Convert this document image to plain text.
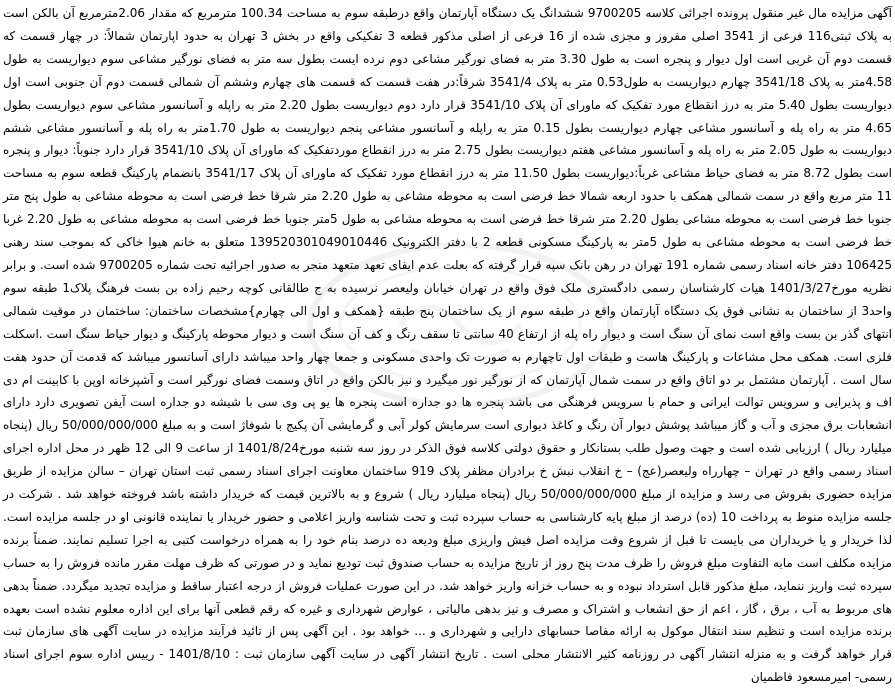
آگهی مزایده مال غیر منقول پرونده اجرائی کلاسه 9700205 ششدانگ یک دستگاه آپارتمان واقع درطبقه سوم به مساحت 100.34 مترمربع که مقدار 2.06مترمربع آن بالکن است به پلاک ثبتی116 فرعی از 3541 اصلی مفروز و مجزی شده از 16 فرعی از اصلی مذکور قطعه 3 تفکیکی واقع در بخش 3 تهران به حدود اپارتمان شمالاً: در چهار قسمت که قسمت دوم آن غربی است اول دیوار و پنجره است به طول 3.30 متر به فضای نورگیر مشاعی دوم نرده ایست بطول سه متر به فضای نورگیر مشاعی سوم دیواریست به طول 4.58متر به پلاک 3541/18 چهارم دیواریست به طول0.53 متر به پلاک 3541/4 شرقاً:در هفت قسمت که قسمت های چهارم وششم آن شمالی قسمت دوم آن جنوبی است اول دیواریست بطول 5.40 متر به درز انقطاع مورد تفکیک که ماورای آن پلاک 3541/10 قرار دارد دوم دیواریست بطول 2.20 متر به راپله و آسانسور مشاعی سوم دیواریست بطول 4.65 متر به راه پله و آسانسور مشاعی چهارم دیواریست بطول 0.15 متر به راپله و آسانسور مشاعی پنجم دیواریست به طول 1.70متر به راه پله و آسانسور مشاعی ششم دیواریست به طول 2.05 متر به راه پله و آسانسور مشاعی هفتم دیواریست بطول 2.75 متر به درز انقطاع موردتفکیک که ماورای آن پلاک 3541/10 قرار دارد جنوباً: دیوار و پنجره است بطول 8.72 متر به فضای حیاط مشاعی غرباً:دیواریست بطول 11.50 متر به درز انقطاع مورد تفکیک که ماورای آن پلاک 3541/17 بانضمام پارکینگ قطعه سوم به مساحت 11 متر مربع واقع در سمت شمالی همکف با حدود اربعه شمالا خط فرضی است به محوطه مشاعی به طول 2.20 متر شرقا خط فرضی است به محوطه مشاعی به طول پنج متر جنوبا خط فرضی است به محوطه مشاعی بطول 2.20 متر شرقا خط فرضی است به محوطه مشاعی به طول 5متر جنوبا خط فرضی است به محوطه مشاعی به طول 2.20 غربا خط فرضی است به محوطه مشاعی به طول 5متر به پارکینگ مسکونی قطعه 2 با دفتر الکترونیک 139520301049010446 متعلق به خانم هیوا خاکی که بموجب سند رهنی 106425 دفتر خانه اسناد رسمی شماره 191 تهران در رهن بانک سپه قرار گرفته که بعلت عدم ایفای تعهد متعهد منجر به صدور اجرائیه تحت شماره 9700205 شده است. و برابر نظریه مورخ1401/3/27 هیات کارشناسان رسمی دادگستری ملک فوق واقع در تهران خیابان ولیعصر نرسیده به ج طالقانی کوچه رحیم زاده بن بست فرهنگ پلاک1 طبقه سوم واحد3 از ساختمان به نشانی فوق یک دستگاه آپارتمان واقع در طبقه سوم از یک ساختمان پنج طبقه {همکف و اول الی چهارم}مشخصات ساختمان: ساختمان در موقیت شمالی انتهای گذر بن بست واقع است نمای آن سنگ است و دیوار راه پله از ارتفاع 40 سانتی تا سقف رنگ و کف آن سنگ است و دیوار محوطه پارکینگ و دیوار حیاط سنگ است .اسکلت فلزی است. همکف محل مشاعات و پارکینگ هاست و طبقات اول تاچهارم به صورت تک واحدی مسکونی و جمعا چهار واحد میباشد دارای آسانسور میباشد که قدمت آن حدود هفت سال است . آپارتمان مشتمل بر دو اتاق واقع در سمت شمال آپارتمان که از نورگیر نور میگیرد و نیز بالکن واقع در اتاق وسمت فضای نورگیر است و آشپزخانه اوپن با کابینت ام دی اف و پذیرایی و سرویس توالت ایرانی و حمام با سرویس فرهنگی می باشد پنجره ها دو جداره است پنجره ها یو پی وی سی با شیشه دو جداره است آیفن تصویری دارد دارای انشعابات برق مجزی و آب و گاز میباشد پوشش دیوار آن رنگ و کاغذ دیواری است سرمایش کولر آبی و گرمایشی آن پکیج با شوفاژ است و به مبلغ 50/000/000/000 ریال (پنجاه میلیارد ریال ) ارزیابی شده است و جهت وصول طلب بستانکار و حقوق دولتی کلاسه فوق الذکر در روز سه شنبه مورخ1401/8/24 از ساعت 9 الی 12 ظهر در محل اداره اجرای اسناد رسمی واقع در تهران – چهارراه ولیعصر(عج) – خ انقلاب نبش خ برادران مظفر پلاک 919 ساختمان معاونت اجرای اسناد رسمی ثبت استان تهران – سالن مزایده از طریق مزایده حضوری بفروش می رسد و مزایده از مبلغ 50/000/000/000 ریال (پنجاه میلیارد ریال ) شروع و به بالاترین قیمت که خریدار داشته باشد فروخته خواهد شد . شرکت در جلسه مزایده منوط به پرداخت 10 (ده) درصد از مبلغ پایه کارشناسی به حساب سپرده ثبت و تحت شناسه واریز اعلامی و حضور خریدار یا نماینده قانونی او در جلسه مزایده است. لذا خریدار و یا خریداران می بایست تا قبل از شروع وقت مزایده اصل فیش واریزی مبلغ ودیعه ده درصد بنام خود را به همراه درخواست کتبی به اجرا تسلیم نمایند. ضمناً برنده مزایده مکلف است مابه التفاوت مبلغ فروش را ظرف مدت پنج روز از تاریخ مزایده به حساب صندوق ثبت تودیع نماید و در صورتی که ظرف مهلت مقرر مانده فروش را به حساب سپرده ثبت واریز ننماید، مبلغ مذکور قابل استرداد نبوده و به حساب خزانه واریز خواهد شد. در این صورت عملیات فروش از درجه اعتبار ساقط و مزایده تجدید میگردد. ضمناً بدهی های مربوط به آب ، برق ، گاز ، اعم از حق انشعاب و اشتراک و مصرف و نیز بدهی مالیاتی ، عوارض شهرداری و غیره که رقم قطعی آنها برای این اداره معلوم نشده است بعهده برنده مزایده است و تنظیم سند انتقال موکول به ارائه مفاصا حسابهای دارایی و شهرداری و ... خواهد بود . این آگهی پس از تائید فرآیند مزایده در سایت آگهی های سازمان ثبت قرار خواهد گرفت و به منزله انتشار آگهی در روزنامه کثیر الانتشار محلی است . تاریخ انتشار آگهی در سایت آگهی سازمان ثبت : 1401/8/10 - رییس اداره سوم اجرای اسناد رسمی- امیرمسعود فاطمیان
